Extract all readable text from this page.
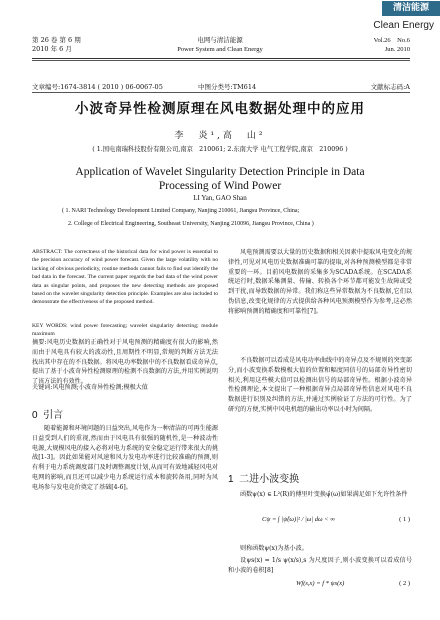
清洁能源
Clean Energy
第 26 卷 第 6 期
2010 年 6 月
电网与清洁能源
Power System and Clean Energy
Vol.26　No.6
Jun. 2010
文章编号:1674-3814 ( 2010 ) 06-0067-05	中图分类号:TM614	文献标志码:A
小波奇异性检测原理在风电数据处理中的应用
李　炎¹,高　山²
( 1.国电南瑞科技股份有限公司,南京　210061; 2.东南大学 电气工程学院,南京　210096 )
Application of Wavelet Singularity Detection Principle in Data
Processing of Wind Power
LI Yan, GAO Shan
( 1. NARI Technology Development Limited Company, Nanjing 210061, Jiangsu Province, China;
2. College of Electrical Engineering, Southeast University, Nanjing 210096, Jiangsu Province, China )
ABSTRACT: The correctness of the historical data for wind power is essential to the precision accuracy of wind power forecast. Given the large volatility with no lacking of obvious periodicity, routine methods cannot fails to find out identify the bad data in the forecast. The current paper regards the bad data of the wind power data as singular points, and proposes the new detecting methods are proposed based on the wavelet singularity detection principle. Examples are also included to demonstrate the effectiveness of the proposed method.
KEY WORDS: wind power forecasting; wavelet singularity detecting; module maximum
摘要:风电历史数据的正确性对于风电预测的精确度有很大的影响,然而由于风电具有较大的波动性,且周期性不明显,常规的判断方法无法找出其中存在的不良数据。将风电功率数据中的不良数据看成奇异点,提出了基于小波奇异性检测原理的检测不良数据的方法,并用实例说明了该方法的有效性。
关键词:风电预测;小波奇异性检测;模极大值
0 引言
随着能源和环境问题的日益突出,风电作为一种清洁的可再生能源日益受到人们的重视,然而由于风电具有很强的随机性,是一种波动性电源,大规模风电的接入必将对电力系统的安全稳定运行带来很大的挑战[1-3]。因此如果能对风速和风力发电功率进行比较准确的预测,则有利于电力系统调度部门及时调整调度计划,从而可有效地减轻风电对电网的影响,而且还可以减少电力系统运行成本和旋转备用,同时为风电场参与发电竞价奠定了基础[4-6]。
风电预测需要以大量的历史数据和相关因素中提取风电变化的规律性,可见对风电历史数据准确可靠的提取,对各种预测模型都是非常重要的一环。目前风电数据的采集多为SCADA系统。在SCADA系统运行时,数据采集测量、传输、转换各个环节都可能发生故障或受到干扰,而导致数据的异常。我们称这些异常数据为不良数据,它们以伪信息,改变化规律的方式提供给各种风电预测模型作为参考,这必然将影响预测的精确度和可靠性[7]。
不良数据可以看成是风电功率曲线中的奇异点及不规则的突变部分,而小波变换系数模极大值的位置和幅度同信号的局部奇异性密切相关,利用这些模大值可以检测出信号的局部奇异性。根据小波奇异性检测理论,本文提出了一种根据奇异点局部奇异性信息对风电不良数据进行识别及纠错的方法,并通过实例验证了方法的可行性。为了研究的方便,实例中风电机组的输出功率以小时为间隔。
1 二进小波变换
函数ψ(x) ∈ L²(R)的傅里叶变换ψ̂(ω)如果满足如下允许性条件
Cψ = ∫ |ψ̂(ω)|² / |ω| dω < ∞	( 1 )
则称函数ψ(x)为基小波。
设ψs(x) = 1/s ψ(x/s),s 为尺度因子,则小波变换可以看成信号和小波的卷积[8]
Wf(s,x) = f * ψs(x)	( 2 )
